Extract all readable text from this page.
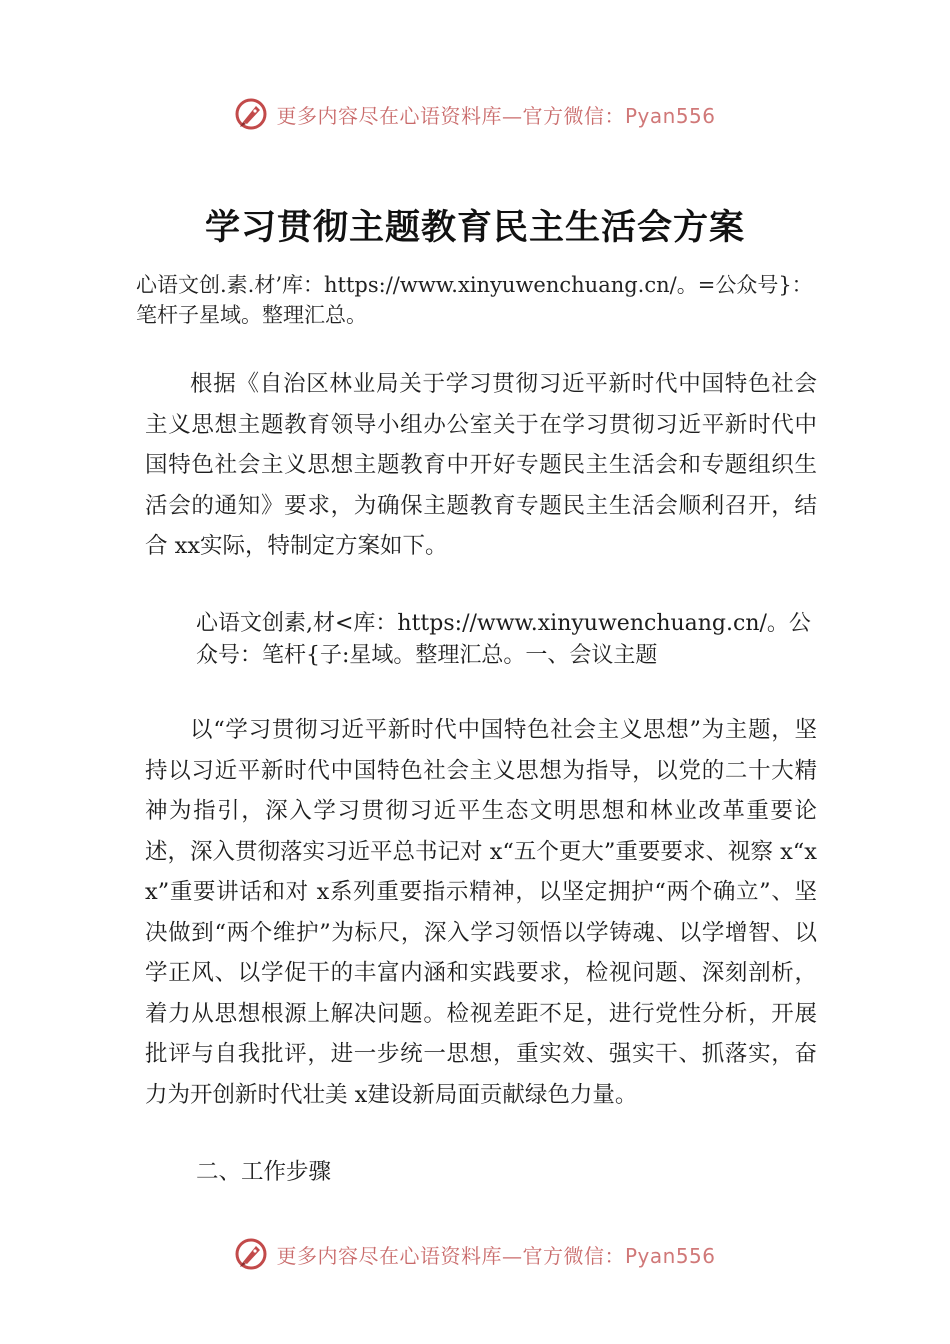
更多内容尽在心语资料库—官方微信：Pyan556
学习贯彻主题教育民主生活会方案
心语文创.素.材’库：https://www.xinyuwenchuang.cn/。=公众号}：笔杆子星域。整理汇总。
根据《自治区林业局关于学习贯彻习近平新时代中国特色社会主义思想主题教育领导小组办公室关于在学习贯彻习近平新时代中国特色社会主义思想主题教育中开好专题民主生活会和专题组织生活会的通知》要求，为确保主题教育专题民主生活会顺利召开，结合 xx实际，特制定方案如下。
心语文创素,材<库：https://www.xinyuwenchuang.cn/。公众号：笔杆{子:星域。整理汇总。一、会议主题
以“学习贯彻习近平新时代中国特色社会主义思想”为主题，坚持以习近平新时代中国特色社会主义思想为指导，以党的二十大精神为指引，深入学习贯彻习近平生态文明思想和林业改革重要论述，深入贯彻落实习近平总书记对 x“五个更大”重要要求、视察 x“xx”重要讲话和对 x系列重要指示精神，以坚定拥护“两个确立”、坚决做到“两个维护”为标尺，深入学习领悟以学铸魂、以学增智、以学正风、以学促干的丰富内涵和实践要求，检视问题、深刻剖析，着力从思想根源上解决问题。检视差距不足，进行党性分析，开展批评与自我批评，进一步统一思想，重实效、强实干、抓落实，奋力为开创新时代壮美 x建设新局面贡献绿色力量。
二、工作步骤
更多内容尽在心语资料库—官方微信：Pyan556
